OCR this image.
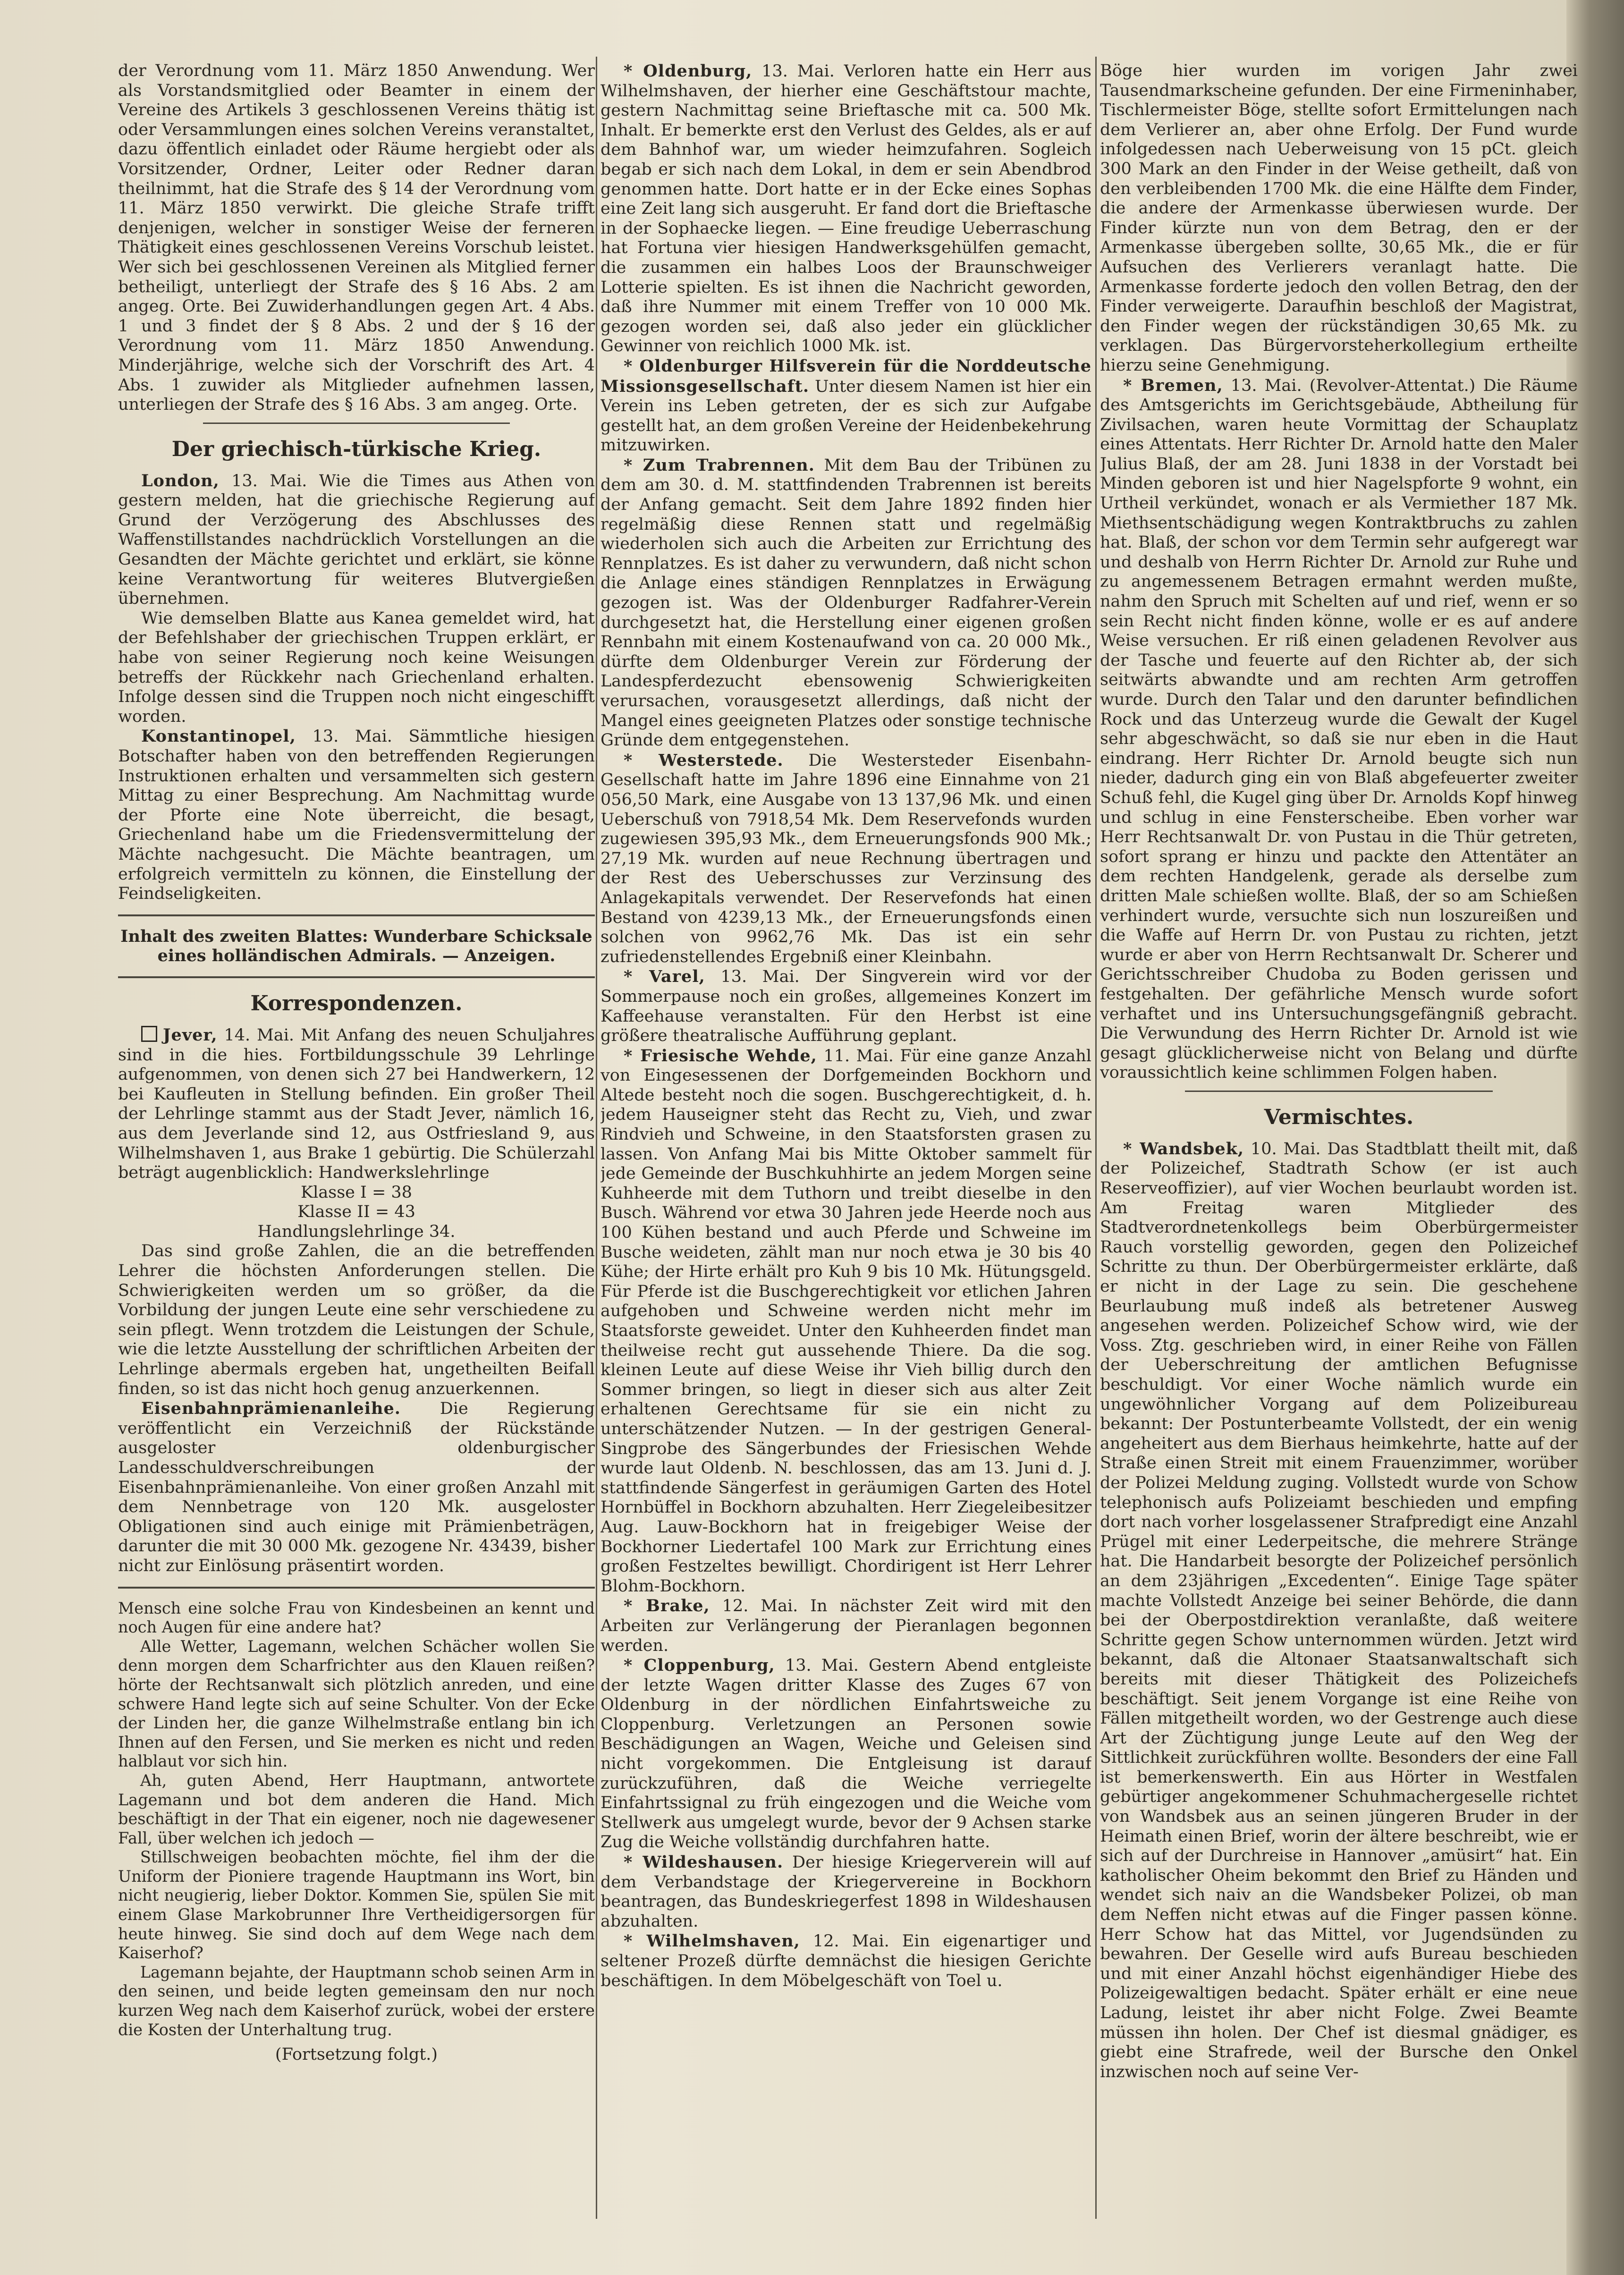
der Verordnung vom 11. März 1850 Anwendung. Wer als Vorstandsmitglied oder Beamter in einem der Vereine des Artikels 3 geschlossenen Vereins thätig ist oder Versammlungen eines solchen Vereins veranstaltet, dazu öffentlich einladet oder Räume hergiebt oder als Vorsitzender, Ordner, Leiter oder Redner daran theilnimmt, hat die Strafe des § 14 der Verordnung vom 11. März 1850 verwirkt. Die gleiche Strafe trifft denjenigen, welcher in sonstiger Weise der ferneren Thätigkeit eines geschlossenen Vereins Vorschub leistet. Wer sich bei geschlossenen Vereinen als Mitglied ferner betheiligt, unterliegt der Strafe des § 16 Abs. 2 am angeg. Orte. Bei Zuwiderhandlungen gegen Art. 4 Abs. 1 und 3 findet der § 8 Abs. 2 und der § 16 der Verordnung vom 11. März 1850 Anwendung. Minderjährige, welche sich der Vorschrift des Art. 4 Abs. 1 zuwider als Mitglieder aufnehmen lassen, unterliegen der Strafe des § 16 Abs. 3 am angeg. Orte.

Der griechisch-türkische Krieg.

London, 13. Mai. Wie die Times aus Athen von gestern melden, hat die griechische Regierung auf Grund der Verzögerung des Abschlusses des Waffenstillstandes nachdrücklich Vorstellungen an die Gesandten der Mächte gerichtet und erklärt, sie könne keine Verantwortung für weiteres Blutvergießen übernehmen.

Wie demselben Blatte aus Kanea gemeldet wird, hat der Befehlshaber der griechischen Truppen erklärt, er habe von seiner Regierung noch keine Weisungen betreffs der Rückkehr nach Griechenland erhalten. Infolge dessen sind die Truppen noch nicht eingeschifft worden.

Konstantinopel, 13. Mai. Sämmtliche hiesigen Botschafter haben von den betreffenden Regierungen Instruktionen erhalten und versammelten sich gestern Mittag zu einer Besprechung. Am Nachmittag wurde der Pforte eine Note überreicht, die besagt, Griechenland habe um die Friedensvermittelung der Mächte nachgesucht. Die Mächte beantragen, um erfolgreich vermitteln zu können, die Einstellung der Feindseligkeiten.

Inhalt des zweiten Blattes: Wunderbare Schicksale eines holländischen Admirals. — Anzeigen.

Korrespondenzen.

Jever, 14. Mai. Mit Anfang des neuen Schuljahres sind in die hies. Fortbildungsschule 39 Lehrlinge aufgenommen, von denen sich 27 bei Handwerkern, 12 bei Kaufleuten in Stellung befinden. Ein großer Theil der Lehrlinge stammt aus der Stadt Jever, nämlich 16, aus dem Jeverlande sind 12, aus Ostfriesland 9, aus Wilhelmshaven 1, aus Brake 1 gebürtig. Die Schülerzahl beträgt augenblicklich: Handwerkslehrlinge

Klasse I = 38

Klasse II = 43

Handlungslehrlinge 34.

Das sind große Zahlen, die an die betreffenden Lehrer die höchsten Anforderungen stellen. Die Schwierigkeiten werden um so größer, da die Vorbildung der jungen Leute eine sehr verschiedene zu sein pflegt. Wenn trotzdem die Leistungen der Schule, wie die letzte Ausstellung der schriftlichen Arbeiten der Lehrlinge abermals ergeben hat, ungetheilten Beifall finden, so ist das nicht hoch genug anzuerkennen.

Eisenbahnprämienanleihe. Die Regierung veröffentlicht ein Verzeichniß der Rückstände ausgeloster oldenburgischer Landesschuldverschreibungen der Eisenbahnprämienanleihe. Von einer großen Anzahl mit dem Nennbetrage von 120 Mk. ausgeloster Obligationen sind auch einige mit Prämienbeträgen, darunter die mit 30 000 Mk. gezogene Nr. 43439, bisher nicht zur Einlösung präsentirt worden.

Mensch eine solche Frau von Kindesbeinen an kennt und noch Augen für eine andere hat?

Alle Wetter, Lagemann, welchen Schächer wollen Sie denn morgen dem Scharfrichter aus den Klauen reißen? hörte der Rechtsanwalt sich plötzlich anreden, und eine schwere Hand legte sich auf seine Schulter. Von der Ecke der Linden her, die ganze Wilhelmstraße entlang bin ich Ihnen auf den Fersen, und Sie merken es nicht und reden halblaut vor sich hin.

Ah, guten Abend, Herr Hauptmann, antwortete Lagemann und bot dem anderen die Hand. Mich beschäftigt in der That ein eigener, noch nie dagewesener Fall, über welchen ich jedoch —

Stillschweigen beobachten möchte, fiel ihm der die Uniform der Pioniere tragende Hauptmann ins Wort, bin nicht neugierig, lieber Doktor. Kommen Sie, spülen Sie mit einem Glase Markobrunner Ihre Vertheidigersorgen für heute hinweg. Sie sind doch auf dem Wege nach dem Kaiserhof?

Lagemann bejahte, der Hauptmann schob seinen Arm in den seinen, und beide legten gemeinsam den nur noch kurzen Weg nach dem Kaiserhof zurück, wobei der erstere die Kosten der Unterhaltung trug.

(Fortsetzung folgt.)

* Oldenburg, 13. Mai. Verloren hatte ein Herr aus Wilhelmshaven, der hierher eine Geschäftstour machte, gestern Nachmittag seine Brieftasche mit ca. 500 Mk. Inhalt. Er bemerkte erst den Verlust des Geldes, als er auf dem Bahnhof war, um wieder heimzufahren. Sogleich begab er sich nach dem Lokal, in dem er sein Abendbrod genommen hatte. Dort hatte er in der Ecke eines Sophas eine Zeit lang sich ausgeruht. Er fand dort die Brieftasche in der Sophaecke liegen. — Eine freudige Ueberraschung hat Fortuna vier hiesigen Handwerksgehülfen gemacht, die zusammen ein halbes Loos der Braunschweiger Lotterie spielten. Es ist ihnen die Nachricht geworden, daß ihre Nummer mit einem Treffer von 10 000 Mk. gezogen worden sei, daß also jeder ein glücklicher Gewinner von reichlich 1000 Mk. ist.

* Oldenburger Hilfsverein für die Norddeutsche Missionsgesellschaft. Unter diesem Namen ist hier ein Verein ins Leben getreten, der es sich zur Aufgabe gestellt hat, an dem großen Vereine der Heidenbekehrung mitzuwirken.

* Zum Trabrennen. Mit dem Bau der Tribünen zu dem am 30. d. M. stattfindenden Trabrennen ist bereits der Anfang gemacht. Seit dem Jahre 1892 finden hier regelmäßig diese Rennen statt und regelmäßig wiederholen sich auch die Arbeiten zur Errichtung des Rennplatzes. Es ist daher zu verwundern, daß nicht schon die Anlage eines ständigen Rennplatzes in Erwägung gezogen ist. Was der Oldenburger Radfahrer-Verein durchgesetzt hat, die Herstellung einer eigenen großen Rennbahn mit einem Kostenaufwand von ca. 20 000 Mk., dürfte dem Oldenburger Verein zur Förderung der Landespferdezucht ebensowenig Schwierigkeiten verursachen, vorausgesetzt allerdings, daß nicht der Mangel eines geeigneten Platzes oder sonstige technische Gründe dem entgegenstehen.

* Westerstede. Die Westersteder Eisenbahn-Gesellschaft hatte im Jahre 1896 eine Einnahme von 21 056,50 Mark, eine Ausgabe von 13 137,96 Mk. und einen Ueberschuß von 7918,54 Mk. Dem Reservefonds wurden zugewiesen 395,93 Mk., dem Erneuerungsfonds 900 Mk.; 27,19 Mk. wurden auf neue Rechnung übertragen und der Rest des Ueberschusses zur Verzinsung des Anlagekapitals verwendet. Der Reservefonds hat einen Bestand von 4239,13 Mk., der Erneuerungsfonds einen solchen von 9962,76 Mk. Das ist ein sehr zufriedenstellendes Ergebniß einer Kleinbahn.

* Varel, 13. Mai. Der Singverein wird vor der Sommerpause noch ein großes, allgemeines Konzert im Kaffeehause veranstalten. Für den Herbst ist eine größere theatralische Aufführung geplant.

* Friesische Wehde, 11. Mai. Für eine ganze Anzahl von Eingesessenen der Dorfgemeinden Bockhorn und Altede besteht noch die sogen. Buschgerechtigkeit, d. h. jedem Hauseigner steht das Recht zu, Vieh, und zwar Rindvieh und Schweine, in den Staatsforsten grasen zu lassen. Von Anfang Mai bis Mitte Oktober sammelt für jede Gemeinde der Buschkuhhirte an jedem Morgen seine Kuhheerde mit dem Tuthorn und treibt dieselbe in den Busch. Während vor etwa 30 Jahren jede Heerde noch aus 100 Kühen bestand und auch Pferde und Schweine im Busche weideten, zählt man nur noch etwa je 30 bis 40 Kühe; der Hirte erhält pro Kuh 9 bis 10 Mk. Hütungsgeld. Für Pferde ist die Buschgerechtigkeit vor etlichen Jahren aufgehoben und Schweine werden nicht mehr im Staatsforste geweidet. Unter den Kuhheerden findet man theilweise recht gut aussehende Thiere. Da die sog. kleinen Leute auf diese Weise ihr Vieh billig durch den Sommer bringen, so liegt in dieser sich aus alter Zeit erhaltenen Gerechtsame für sie ein nicht zu unterschätzender Nutzen. — In der gestrigen General-Singprobe des Sängerbundes der Friesischen Wehde wurde laut Oldenb. N. beschlossen, das am 13. Juni d. J. stattfindende Sängerfest in geräumigen Garten des Hotel Hornbüffel in Bockhorn abzuhalten. Herr Ziegeleibesitzer Aug. Lauw-Bockhorn hat in freigebiger Weise der Bockhorner Liedertafel 100 Mark zur Errichtung eines großen Festzeltes bewilligt. Chordirigent ist Herr Lehrer Blohm-Bockhorn.

* Brake, 12. Mai. In nächster Zeit wird mit den Arbeiten zur Verlängerung der Pieranlagen begonnen werden.

* Cloppenburg, 13. Mai. Gestern Abend entgleiste der letzte Wagen dritter Klasse des Zuges 67 von Oldenburg in der nördlichen Einfahrtsweiche zu Cloppenburg. Verletzungen an Personen sowie Beschädigungen an Wagen, Weiche und Geleisen sind nicht vorgekommen. Die Entgleisung ist darauf zurückzuführen, daß die Weiche verriegelte Einfahrtssignal zu früh eingezogen und die Weiche vom Stellwerk aus umgelegt wurde, bevor der 9 Achsen starke Zug die Weiche vollständig durchfahren hatte.

* Wildeshausen. Der hiesige Kriegerverein will auf dem Verbandstage der Kriegervereine in Bockhorn beantragen, das Bundeskriegerfest 1898 in Wildeshausen abzuhalten.

* Wilhelmshaven, 12. Mai. Ein eigenartiger und seltener Prozeß dürfte demnächst die hiesigen Gerichte beschäftigen. In dem Möbelgeschäft von Toel u.

Böge hier wurden im vorigen Jahr zwei Tausendmarkscheine gefunden. Der eine Firmeninhaber, Tischlermeister Böge, stellte sofort Ermittelungen nach dem Verlierer an, aber ohne Erfolg. Der Fund wurde infolgedessen nach Ueberweisung von 15 pCt. gleich 300 Mark an den Finder in der Weise getheilt, daß von den verbleibenden 1700 Mk. die eine Hälfte dem Finder, die andere der Armenkasse überwiesen wurde. Der Finder kürzte nun von dem Betrag, den er der Armenkasse übergeben sollte, 30,65 Mk., die er für Aufsuchen des Verlierers veranlagt hatte. Die Armenkasse forderte jedoch den vollen Betrag, den der Finder verweigerte. Daraufhin beschloß der Magistrat, den Finder wegen der rückständigen 30,65 Mk. zu verklagen. Das Bürgervorsteherkollegium ertheilte hierzu seine Genehmigung.

* Bremen, 13. Mai. (Revolver-Attentat.) Die Räume des Amtsgerichts im Gerichtsgebäude, Abtheilung für Zivilsachen, waren heute Vormittag der Schauplatz eines Attentats. Herr Richter Dr. Arnold hatte den Maler Julius Blaß, der am 28. Juni 1838 in der Vorstadt bei Minden geboren ist und hier Nagelspforte 9 wohnt, ein Urtheil verkündet, wonach er als Vermiether 187 Mk. Miethsentschädigung wegen Kontraktbruchs zu zahlen hat. Blaß, der schon vor dem Termin sehr aufgeregt war und deshalb von Herrn Richter Dr. Arnold zur Ruhe und zu angemessenem Betragen ermahnt werden mußte, nahm den Spruch mit Schelten auf und rief, wenn er so sein Recht nicht finden könne, wolle er es auf andere Weise versuchen. Er riß einen geladenen Revolver aus der Tasche und feuerte auf den Richter ab, der sich seitwärts abwandte und am rechten Arm getroffen wurde. Durch den Talar und den darunter befindlichen Rock und das Unterzeug wurde die Gewalt der Kugel sehr abgeschwächt, so daß sie nur eben in die Haut eindrang. Herr Richter Dr. Arnold beugte sich nun nieder, dadurch ging ein von Blaß abgefeuerter zweiter Schuß fehl, die Kugel ging über Dr. Arnolds Kopf hinweg und schlug in eine Fensterscheibe. Eben vorher war Herr Rechtsanwalt Dr. von Pustau in die Thür getreten, sofort sprang er hinzu und packte den Attentäter an dem rechten Handgelenk, gerade als derselbe zum dritten Male schießen wollte. Blaß, der so am Schießen verhindert wurde, versuchte sich nun loszureißen und die Waffe auf Herrn Dr. von Pustau zu richten, jetzt wurde er aber von Herrn Rechtsanwalt Dr. Scherer und Gerichtsschreiber Chudoba zu Boden gerissen und festgehalten. Der gefährliche Mensch wurde sofort verhaftet und ins Untersuchungsgefängniß gebracht. Die Verwundung des Herrn Richter Dr. Arnold ist wie gesagt glücklicherweise nicht von Belang und dürfte voraussichtlich keine schlimmen Folgen haben.

Vermischtes.

* Wandsbek, 10. Mai. Das Stadtblatt theilt mit, daß der Polizeichef, Stadtrath Schow (er ist auch Reserveoffizier), auf vier Wochen beurlaubt worden ist. Am Freitag waren Mitglieder des Stadtverordnetenkollegs beim Oberbürgermeister Rauch vorstellig geworden, gegen den Polizeichef Schritte zu thun. Der Oberbürgermeister erklärte, daß er nicht in der Lage zu sein. Die geschehene Beurlaubung muß indeß als betretener Ausweg angesehen werden. Polizeichef Schow wird, wie der Voss. Ztg. geschrieben wird, in einer Reihe von Fällen der Ueberschreitung der amtlichen Befugnisse beschuldigt. Vor einer Woche nämlich wurde ein ungewöhnlicher Vorgang auf dem Polizeibureau bekannt: Der Postunterbeamte Vollstedt, der ein wenig angeheitert aus dem Bierhaus heimkehrte, hatte auf der Straße einen Streit mit einem Frauenzimmer, worüber der Polizei Meldung zuging. Vollstedt wurde von Schow telephonisch aufs Polizeiamt beschieden und empfing dort nach vorher losgelassener Strafpredigt eine Anzahl Prügel mit einer Lederpeitsche, die mehrere Stränge hat. Die Handarbeit besorgte der Polizeichef persönlich an dem 23jährigen „Excedenten“. Einige Tage später machte Vollstedt Anzeige bei seiner Behörde, die dann bei der Oberpostdirektion veranlaßte, daß weitere Schritte gegen Schow unternommen würden. Jetzt wird bekannt, daß die Altonaer Staatsanwaltschaft sich bereits mit dieser Thätigkeit des Polizeichefs beschäftigt. Seit jenem Vorgange ist eine Reihe von Fällen mitgetheilt worden, wo der Gestrenge auch diese Art der Züchtigung junge Leute auf den Weg der Sittlichkeit zurückführen wollte. Besonders der eine Fall ist bemerkenswerth. Ein aus Hörter in Westfalen gebürtiger angekommener Schuhmachergeselle richtet von Wandsbek aus an seinen jüngeren Bruder in der Heimath einen Brief, worin der ältere beschreibt, wie er sich auf der Durchreise in Hannover „amüsirt“ hat. Ein katholischer Oheim bekommt den Brief zu Händen und wendet sich naiv an die Wandsbeker Polizei, ob man dem Neffen nicht etwas auf die Finger passen könne. Herr Schow hat das Mittel, vor Jugendsünden zu bewahren. Der Geselle wird aufs Bureau beschieden und mit einer Anzahl höchst eigenhändiger Hiebe des Polizeigewaltigen bedacht. Später erhält er eine neue Ladung, leistet ihr aber nicht Folge. Zwei Beamte müssen ihn holen. Der Chef ist diesmal gnädiger, es giebt eine Strafrede, weil der Bursche den Onkel inzwischen noch auf seine Ver-
